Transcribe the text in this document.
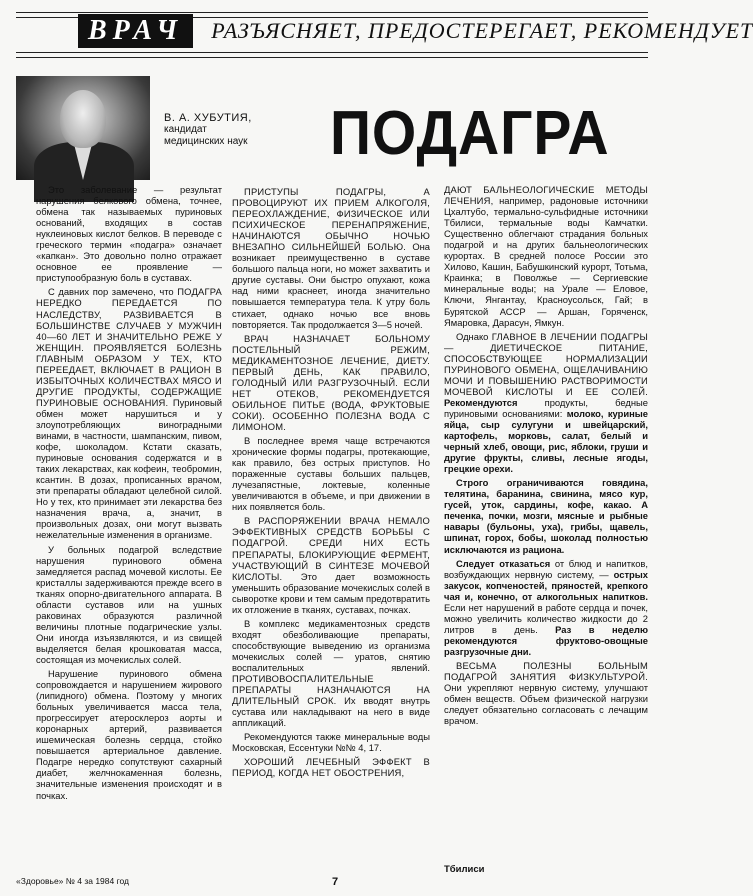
ВРАЧ	РАЗЪЯСНЯЕТ, ПРЕДОСТЕРЕГАЕТ, РЕКОМЕНДУЕТ
В. А. ХУБУТИЯ,
кандидат
медицинских наук ПОДАГРА

Это заболевание — результат нарушения белкового обмена, точнее, обмена так называемых пуриновых оснований, входящих в состав нуклеиновых кислот белков. В переводе с греческого термин «подагра» означает «капкан». Это довольно полно отражает основное ее проявление — приступообразную боль в суставах.

С давних пор замечено, что ПОДАГРА НЕРЕДКО ПЕРЕДАЕТСЯ ПО НАСЛЕДСТВУ, РАЗВИВАЕТСЯ В БОЛЬШИНСТВЕ СЛУЧАЕВ У МУЖЧИН 40—60 ЛЕТ И ЗНАЧИТЕЛЬНО РЕЖЕ У ЖЕНЩИН. ПРОЯВЛЯЕТСЯ БОЛЕЗНЬ ГЛАВНЫМ ОБРАЗОМ У ТЕХ, КТО ПЕРЕЕДАЕТ, ВКЛЮЧАЕТ В РАЦИОН В ИЗБЫТОЧНЫХ КОЛИЧЕСТВАХ МЯСО И ДРУГИЕ ПРОДУКТЫ, СОДЕРЖАЩИЕ ПУРИНОВЫЕ ОСНОВАНИЯ. Пуриновый обмен может нарушиться и у злоупотребляющих виноградными винами, в частности, шампанским, пивом, кофе, шоколадом. Кстати сказать, пуриновые основания содержатся и в таких лекарствах, как кофеин, теобромин, ксантин. В дозах, прописанных врачом, эти препараты обладают целебной силой. Но у тех, кто принимает эти лекарства без назначения врача, а, значит, в произвольных дозах, они могут вызвать нежелательные изменения в организме.

У больных подагрой вследствие нарушения пуринового обмена замедляется распад мочевой кислоты. Ее кристаллы задерживаются прежде всего в тканях опорно-двигательного аппарата. В области суставов или на ушных раковинах образуются различной величины плотные подагрические узлы. Они иногда изъязвляются, и из свищей выделяется белая крошковатая масса, состоящая из мочекислых солей.

Нарушение пуринового обмена сопровождается и нарушением жирового (липидного) обмена. Поэтому у многих больных увеличивается масса тела, прогрессирует атеросклероз аорты и коронарных артерий, развивается ишемическая болезнь сердца, стойко повышается артериальное давление. Подагре нередко сопутствуют сахарный диабет, желчнокаменная болезнь, значительные изменения происходят и в почках.

ПРИСТУПЫ ПОДАГРЫ, А ПРОВОЦИРУЮТ ИХ ПРИЕМ АЛКОГОЛЯ, ПЕРЕОХЛАЖДЕНИЕ, ФИЗИЧЕСКОЕ ИЛИ ПСИХИЧЕСКОЕ ПЕРЕНАПРЯЖЕНИЕ, НАЧИНАЮТСЯ ОБЫЧНО НОЧЬЮ ВНЕЗАПНО СИЛЬНЕЙШЕЙ БОЛЬЮ. Она возникает преимущественно в суставе большого пальца ноги, но может захватить и другие суставы. Они быстро опухают, кожа над ними краснеет, иногда значительно повышается температура тела. К утру боль стихает, однако ночью все вновь повторяется. Так продолжается 3—5 ночей.

ВРАЧ НАЗНАЧАЕТ БОЛЬНОМУ ПОСТЕЛЬНЫЙ РЕЖИМ, МЕДИКАМЕНТОЗНОЕ ЛЕЧЕНИЕ, ДИЕТУ. ПЕРВЫЙ ДЕНЬ, КАК ПРАВИЛО, ГОЛОДНЫЙ ИЛИ РАЗГРУЗОЧНЫЙ. ЕСЛИ НЕТ ОТЕКОВ, РЕКОМЕНДУЕТСЯ ОБИЛЬНОЕ ПИТЬЕ (ВОДА, ФРУКТОВЫЕ СОКИ). ОСОБЕННО ПОЛЕЗНА ВОДА С ЛИМОНОМ.

В последнее время чаще встречаются хронические формы подагры, протекающие, как правило, без острых приступов. Но пораженные суставы больших пальцев, лучезапястные, локтевые, коленные увеличиваются в объеме, и при движении в них появляется боль.

В РАСПОРЯЖЕНИИ ВРАЧА НЕМАЛО ЭФФЕКТИВНЫХ СРЕДСТВ БОРЬБЫ С ПОДАГРОЙ. СРЕДИ НИХ ЕСТЬ ПРЕПАРАТЫ, БЛОКИРУЮЩИЕ ФЕРМЕНТ, УЧАСТВУЮЩИЙ В СИНТЕЗЕ МОЧЕВОЙ КИСЛОТЫ. Это дает возможность уменьшить образование мочекислых солей в сыворотке крови и тем самым предотвратить их отложение в тканях, суставах, почках.

В комплекс медикаментозных средств входят обезболивающие препараты, способствующие выведению из организма мочекислых солей — уратов, снятию воспалительных явлений. ПРОТИВОВОСПАЛИТЕЛЬНЫЕ ПРЕПАРАТЫ НАЗНАЧАЮТСЯ НА ДЛИТЕЛЬНЫЙ СРОК. Их вводят внутрь сустава или накладывают на него в виде аппликаций.

Рекомендуются также минеральные воды Московская, Ессентуки №№ 4, 17.

ХОРОШИЙ ЛЕЧЕБНЫЙ ЭФФЕКТ В ПЕРИОД, КОГДА НЕТ ОБОСТРЕНИЯ,

ДАЮТ БАЛЬНЕОЛОГИЧЕСКИЕ МЕТОДЫ ЛЕЧЕНИЯ, например, радоновые источники Цхалтубо, термально-сульфидные источники Тбилиси, термальные воды Камчатки. Существенно облегчают страдания больных подагрой и на других бальнеологических курортах. В средней полосе России это Хилово, Кашин, Бабушкинский курорт, Тотьма, Краинка; в Поволжье — Сергиевские минеральные воды; на Урале — Еловое, Ключи, Янгантау, Красноусольск, Гай; в Бурятской АССР — Аршан, Горяченск, Ямаровка, Дарасун, Ямкун.

Однако ГЛАВНОЕ В ЛЕЧЕНИИ ПОДАГРЫ — ДИЕТИЧЕСКОЕ ПИТАНИЕ, СПОСОБСТВУЮЩЕЕ НОРМАЛИЗАЦИИ ПУРИНОВОГО ОБМЕНА, ОЩЕЛАЧИВАНИЮ МОЧИ И ПОВЫШЕНИЮ РАСТВОРИМОСТИ МОЧЕВОЙ КИСЛОТЫ И ЕЕ СОЛЕЙ. Рекомендуются	продукты, бедные пуриновыми основаниями: молоко, куриные яйца, сыр сулугуни и швейцарский, картофель, морковь, салат, белый и черный хлеб, овощи, рис, яблоки, груши и другие фрукты, сливы, лесные ягоды, грецкие орехи.

Строго ограничиваются говядина, телятина, баранина, свинина, мясо кур, гусей, уток, сардины, кофе, какао. А печенка, почки, мозги, мясные и рыбные навары (бульоны, уха), грибы, щавель, шпинат, горох, бобы, шоколад полностью исключаются из рациона.

Следует отказаться от блюд и напитков, возбуждающих нервную систему, — острых закусок, копченостей, пряностей, крепкого чая и, конечно, от алкогольных напитков. Если нет нарушений в работе сердца и почек, можно увеличить количество жидкости до 2 литров в день. Раз в неделю рекомендуются фруктово-овощные разгрузочные дни.

ВЕСЬМА ПОЛЕЗНЫ БОЛЬНЫМ ПОДАГРОЙ ЗАНЯТИЯ ФИЗКУЛЬТУРОЙ. Они укрепляют нервную систему, улучшают обмен веществ. Объем физической нагрузки следует обязательно согласовать с лечащим врачом.

Тбилиси
«Здоровье» № 4 за 1984 год	7
